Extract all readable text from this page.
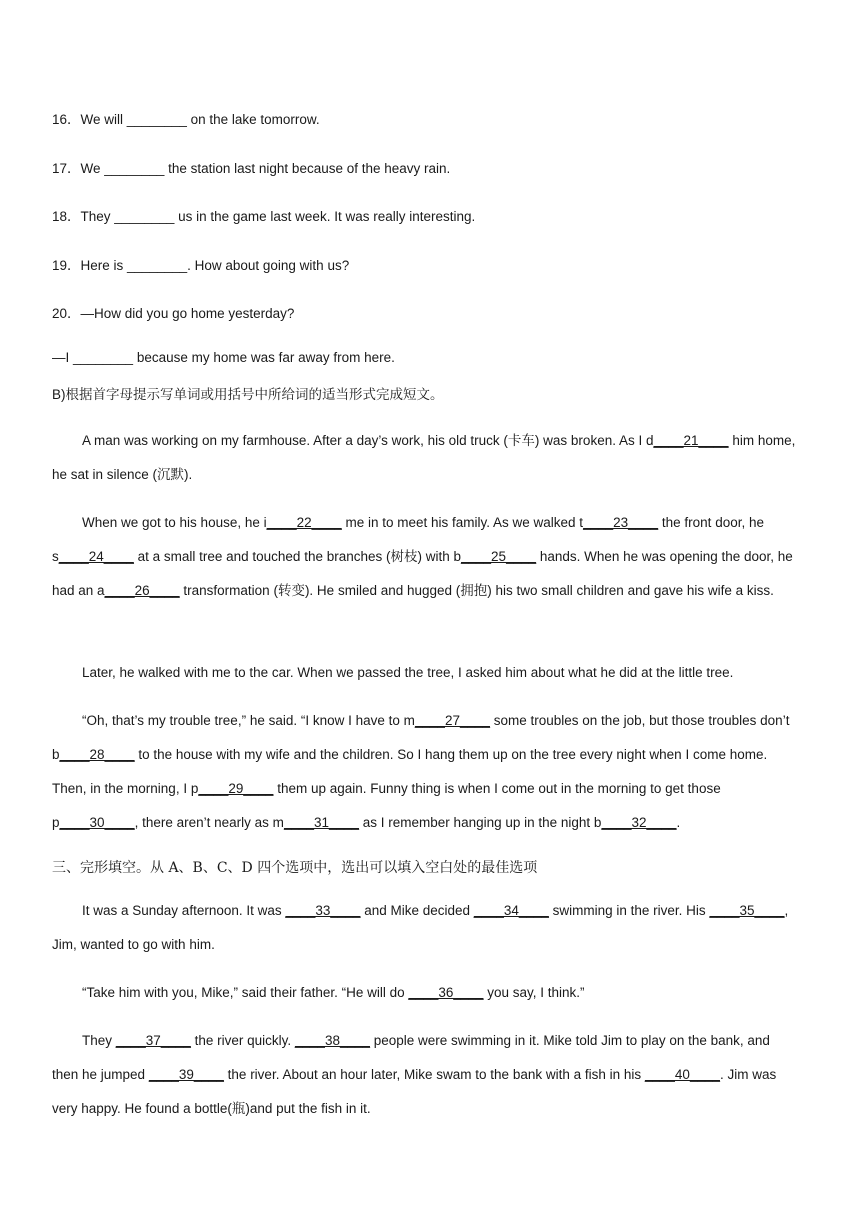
16．We will ________ on the lake tomorrow.
17．We ________ the station last night because of the heavy rain.
18．They ________ us in the game last week. It was really interesting.
19．Here is ________. How about going with us?
20．—How did you go home yesterday?
—I ________ because my home was far away from here.
B)根据首字母提示写单词或用括号中所给词的适当形式完成短文。
A man was working on my farmhouse. After a day’s work, his old truck (卡车) was broken. As I d____21____ him home, he sat in silence (沉默).
When we got to his house, he i____22____ me in to meet his family. As we walked t____23____ the front door, he s____24____ at a small tree and touched the branches (树枝) with b____25____ hands. When he was opening the door, he had an a____26____ transformation (转变). He smiled and hugged (拥抱) his two small children and gave his wife a kiss.
Later, he walked with me to the car. When we passed the tree, I asked him about what he did at the little tree.
“Oh, that’s my trouble tree,” he said. “I know I have to m____27____ some troubles on the job, but those troubles don’t b____28____ to the house with my wife and the children. So I hang them up on the tree every night when I come home. Then, in the morning, I p____29____ them up again. Funny thing is when I come out in the morning to get those p____30____, there aren’t nearly as m____31____ as I remember hanging up in the night b____32____.
三、完形填空。从 A、B、C、D 四个选项中，选出可以填入空白处的最佳选项
It was a Sunday afternoon. It was ____33____ and Mike decided ____34____ swimming in the river. His ____35____, Jim, wanted to go with him.
“Take him with you, Mike,” said their father. “He will do ____36____ you say, I think.”
They ____37____ the river quickly. ____38____ people were swimming in it. Mike told Jim to play on the bank, and then he jumped ____39____ the river. About an hour later, Mike swam to the bank with a fish in his ____40____. Jim was very happy. He found a bottle(瓶)and put the fish in it.
